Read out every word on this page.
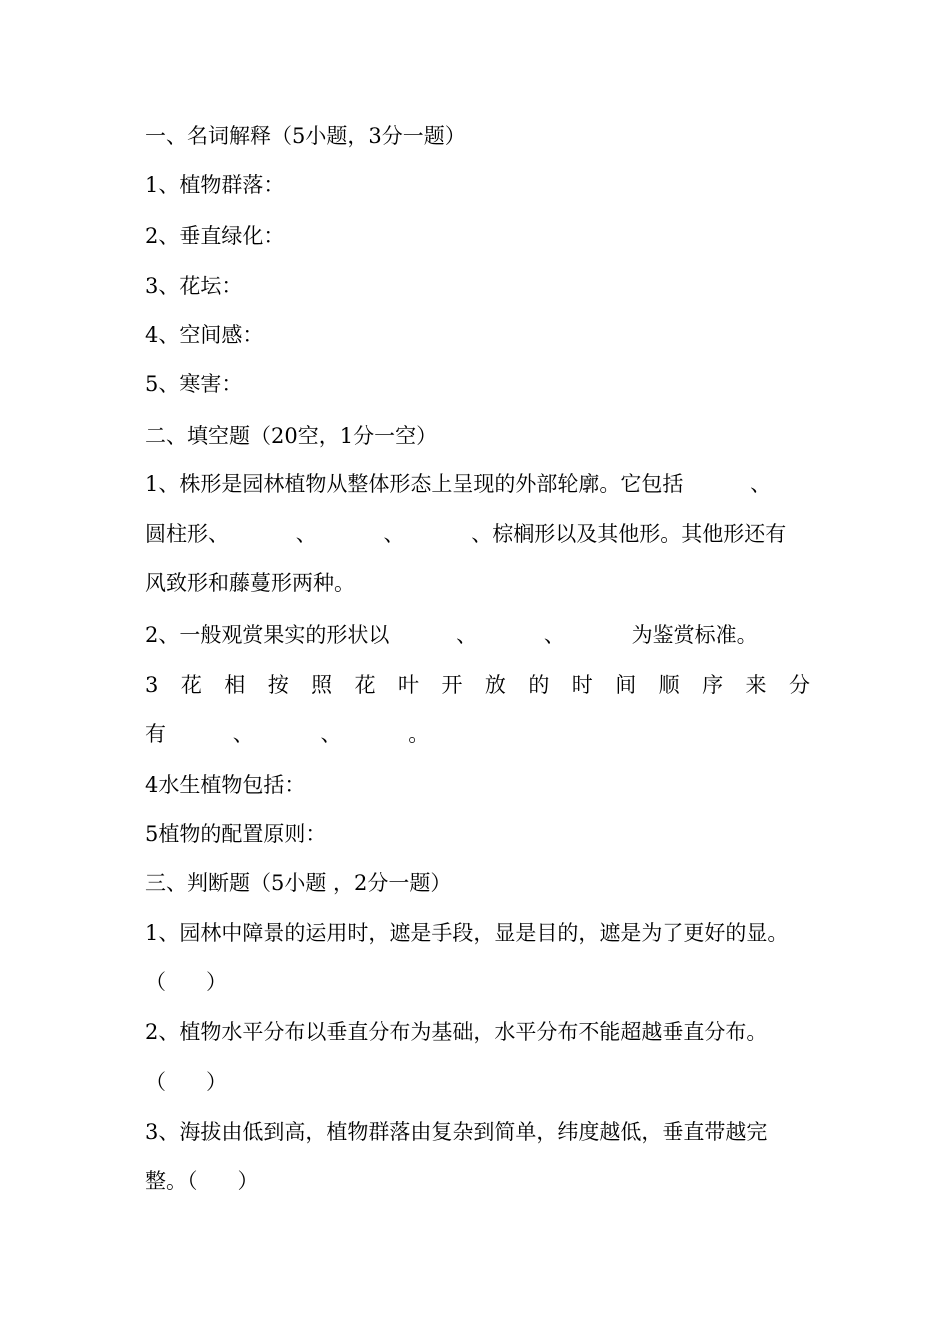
一、名词解释（5小题，3分一题）
1、植物群落：
2、垂直绿化：
3、花坛：
4、空间感：
5、寒害：
二、填空题（20空，1分一空）
1、株形是园林植物从整体形态上呈现的外部轮廓。它包括          、
圆柱形、          、          、          、棕榈形以及其他形。其他形还有
风致形和藤蔓形两种。
2、一般观赏果实的形状以          、          、          为鉴赏标准。
3 花 相 按 照 花 叶 开 放 的 时 间 顺 序 来 分
有          、          、          。
4水生植物包括：
5植物的配置原则：
三、判断题（5小题 ，2分一题）
1、园林中障景的运用时，遮是手段，显是目的，遮是为了更好的显。
（      ）
2、植物水平分布以垂直分布为基础，水平分布不能超越垂直分布。
（      ）
3、海拔由低到高，植物群落由复杂到简单，纬度越低，垂直带越完
整。（      ）
